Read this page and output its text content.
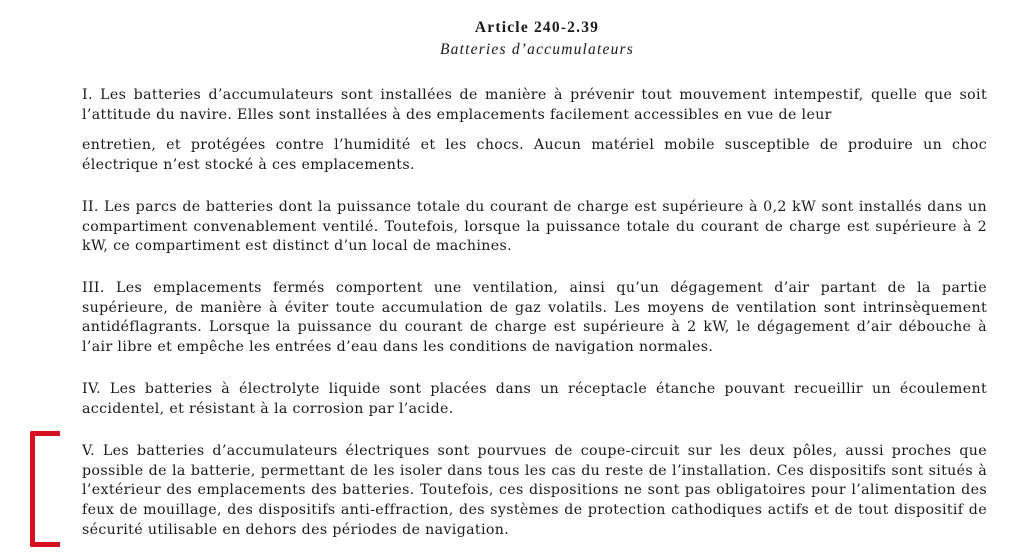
Article 240-2.39
Batteries d’accumulateurs
I. Les batteries d’accumulateurs sont installées de manière à prévenir tout mouvement intempestif, quelle que soit l’attitude du navire. Elles sont installées à des emplacements facilement accessibles en vue de leur
entretien, et protégées contre l’humidité et les chocs. Aucun matériel mobile susceptible de produire un choc électrique n’est stocké à ces emplacements.
II. Les parcs de batteries dont la puissance totale du courant de charge est supérieure à 0,2 kW sont installés dans un compartiment convenablement ventilé. Toutefois, lorsque la puissance totale du courant de charge est supérieure à 2 kW, ce compartiment est distinct d’un local de machines.
III. Les emplacements fermés comportent une ventilation, ainsi qu’un dégagement d’air partant de la partie supérieure, de manière à éviter toute accumulation de gaz volatils. Les moyens de ventilation sont intrinsèquement antidéflagrants. Lorsque la puissance du courant de charge est supérieure à 2 kW, le dégagement d’air débouche à l’air libre et empêche les entrées d’eau dans les conditions de navigation normales.
IV. Les batteries à électrolyte liquide sont placées dans un réceptacle étanche pouvant recueillir un écoulement accidentel, et résistant à la corrosion par l’acide.
V. Les batteries d’accumulateurs électriques sont pourvues de coupe-circuit sur les deux pôles, aussi proches que possible de la batterie, permettant de les isoler dans tous les cas du reste de l’installation. Ces dispositifs sont situés à l’extérieur des emplacements des batteries. Toutefois, ces dispositions ne sont pas obligatoires pour l’alimentation des feux de mouillage, des dispositifs anti-effraction, des systèmes de protection cathodiques actifs et de tout dispositif de sécurité utilisable en dehors des périodes de navigation.
